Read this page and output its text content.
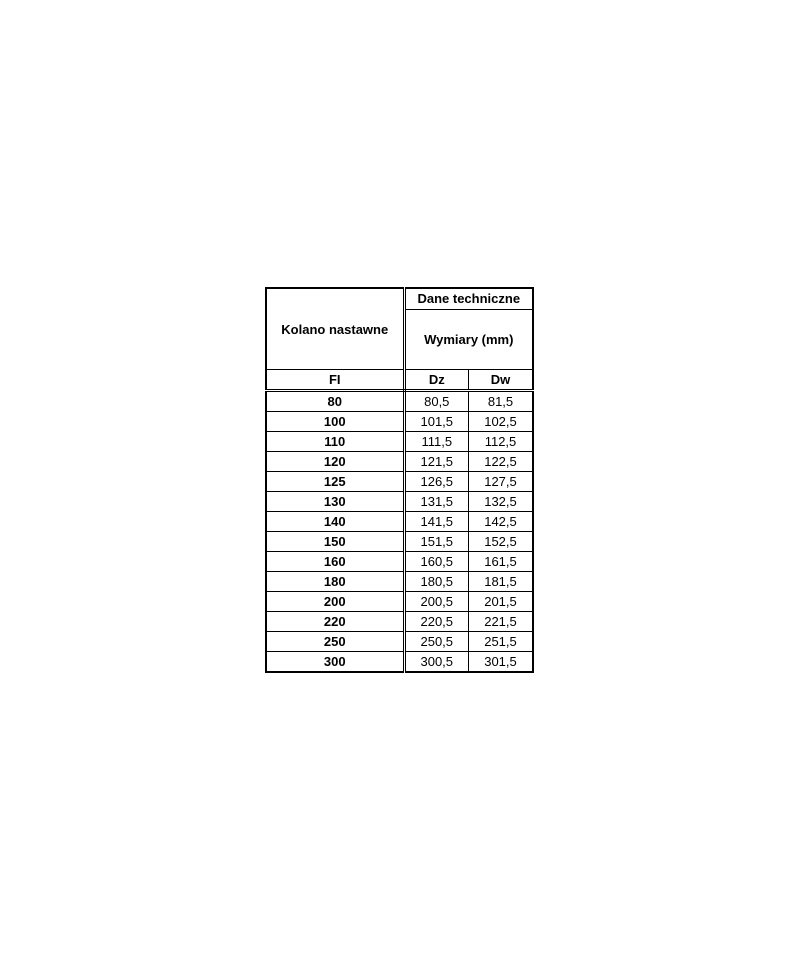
Kolano nastawne	Dane techniczne	
	Wymiary (mm)	
FI	Dz	Dw
80	80,5	81,5
100	101,5	102,5
110	111,5	112,5
120	121,5	122,5
125	126,5	127,5
130	131,5	132,5
140	141,5	142,5
150	151,5	152,5
160	160,5	161,5
180	180,5	181,5
200	200,5	201,5
220	220,5	221,5
250	250,5	251,5
300	300,5	301,5
